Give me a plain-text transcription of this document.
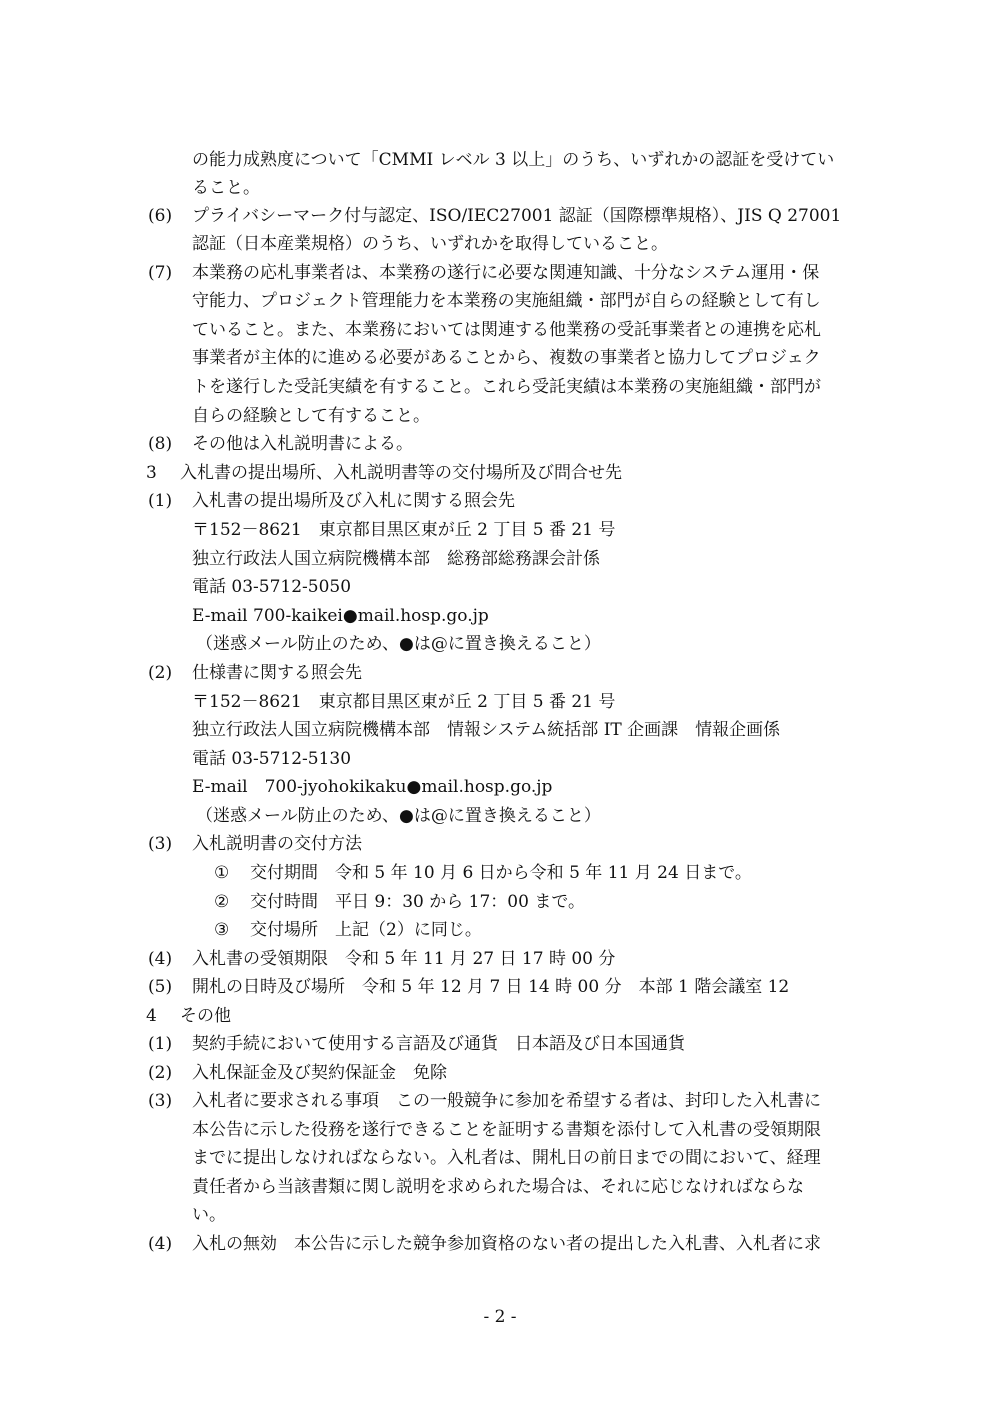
の能力成熟度について「CMMI レベル 3 以上」のうち、いずれかの認証を受けてい
ること。
(6) プライバシーマーク付与認定、ISO/IEC27001 認証（国際標準規格）、JIS Q 27001
認証（日本産業規格）のうち、いずれかを取得していること。
(7) 本業務の応札事業者は、本業務の遂行に必要な関連知識、十分なシステム運用・保
守能力、プロジェクト管理能力を本業務の実施組織・部門が自らの経験として有し
ていること。また、本業務においては関連する他業務の受託事業者との連携を応札
事業者が主体的に進める必要があることから、複数の事業者と協力してプロジェク
トを遂行した受託実績を有すること。これら受託実績は本業務の実施組織・部門が
自らの経験として有すること。
(8) その他は入札説明書による。
3 入札書の提出場所、入札説明書等の交付場所及び問合せ先
(1) 入札書の提出場所及び入札に関する照会先
〒152－8621　東京都目黒区東が丘 2 丁目 5 番 21 号
独立行政法人国立病院機構本部　総務部総務課会計係
電話 03-5712-5050
E-mail 700-kaikei●mail.hosp.go.jp
（迷惑メール防止のため、●は@に置き換えること）
(2) 仕様書に関する照会先
〒152－8621　東京都目黒区東が丘 2 丁目 5 番 21 号
独立行政法人国立病院機構本部　情報システム統括部 IT 企画課　情報企画係
電話 03-5712-5130
E-mail　700-jyohokikaku●mail.hosp.go.jp
（迷惑メール防止のため、●は@に置き換えること）
(3) 入札説明書の交付方法
① 交付期間　令和 5 年 10 月 6 日から令和 5 年 11 月 24 日まで。
② 交付時間　平日 9：30 から 17：00 まで。
③ 交付場所　上記（2）に同じ。
(4) 入札書の受領期限　令和 5 年 11 月 27 日 17 時 00 分
(5) 開札の日時及び場所　令和 5 年 12 月 7 日 14 時 00 分　本部 1 階会議室 12
4 その他
(1) 契約手続において使用する言語及び通貨　日本語及び日本国通貨
(2) 入札保証金及び契約保証金　免除
(3) 入札者に要求される事項　この一般競争に参加を希望する者は、封印した入札書に
本公告に示した役務を遂行できることを証明する書類を添付して入札書の受領期限
までに提出しなければならない。入札者は、開札日の前日までの間において、経理
責任者から当該書類に関し説明を求められた場合は、それに応じなければならな
い。
(4) 入札の無効　本公告に示した競争参加資格のない者の提出した入札書、入札者に求
- 2 -
